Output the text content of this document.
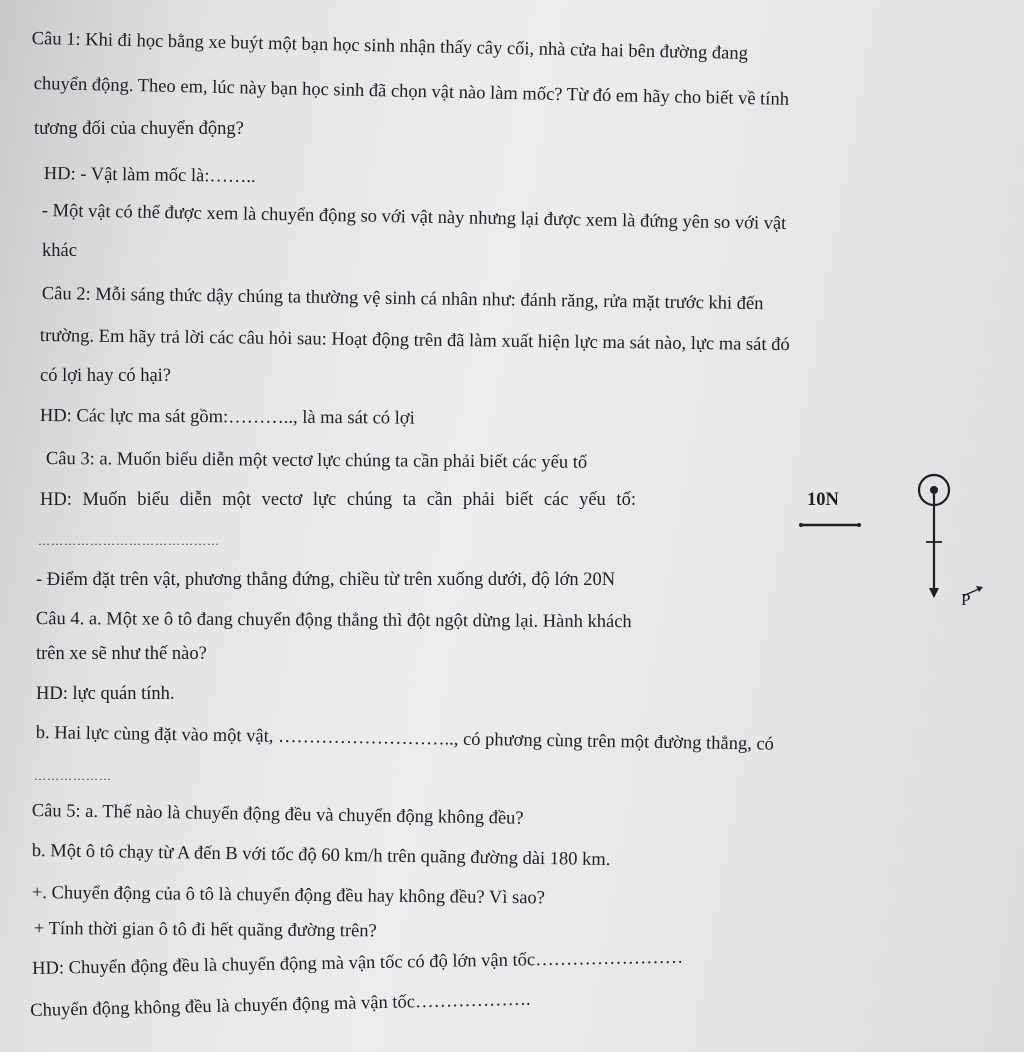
Câu 1: Khi đi học bằng xe buýt một bạn học sinh nhận thấy cây cối, nhà cửa hai bên đường đang
chuyển động. Theo em, lúc này bạn học sinh đã chọn vật nào làm mốc? Từ đó em hãy cho biết về tính
tương đối của chuyển động?
HD: - Vật làm mốc là:……..
- Một vật có thể được xem là chuyển động so với vật này nhưng lại được xem là đứng yên so với vật
khác
Câu 2: Mỗi sáng thức dậy chúng ta thường vệ sinh cá nhân như: đánh răng, rửa mặt trước khi đến
trường. Em hãy trả lời các câu hỏi sau: Hoạt động trên đã làm xuất hiện lực ma sát nào, lực ma sát đó
có lợi hay có hại?
HD: Các lực ma sát gồm:……….., là ma sát có lợi
Câu 3: a. Muốn biểu diễn một vectơ lực chúng ta cần phải biết các yếu tố
HD: Muốn biểu diễn một vectơ lực chúng ta cần phải biết các yếu tố:
……………………………………
- Điểm đặt trên vật, phương thẳng đứng, chiều từ trên xuống dưới, độ lớn 20N
Câu 4. a. Một xe ô tô đang chuyển động thẳng thì đột ngột dừng lại. Hành khách
trên xe sẽ như thế nào?
HD: lực quán tính.
b. Hai lực cùng đặt vào một vật, ……………………….., có phương cùng trên một đường thẳng, có
………………
Câu 5: a. Thế nào là chuyển động đều và chuyển động không đều?
b. Một ô tô chạy từ A đến B với tốc độ 60 km/h trên quãng đường dài 180 km.
+. Chuyển động của ô tô là chuyển động đều hay không đều? Vì sao?
+ Tính thời gian ô tô đi hết quãng đường trên?
HD: Chuyển động đều là chuyển động mà vận tốc có độ lớn vận tốc……………………
Chuyển động không đều là chuyển động mà vận tốc……………….
10N
P
